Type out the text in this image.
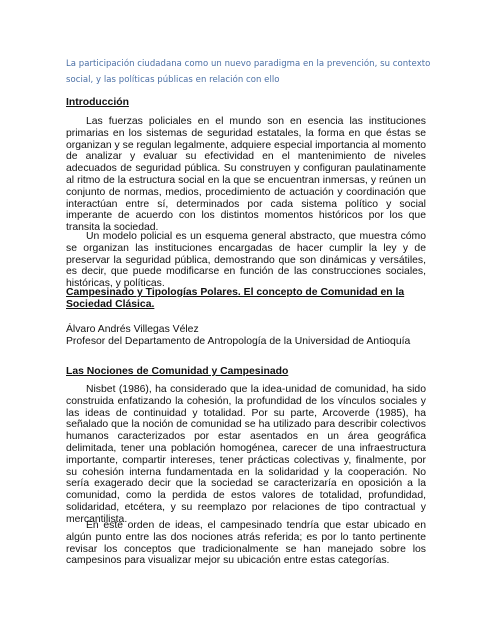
La participación ciudadana como un nuevo paradigma en la prevención, su contexto social, y las políticas públicas en relación con ello
Introducción

Las fuerzas policiales en el mundo son en esencia las instituciones primarias en los sistemas de seguridad estatales, la forma en que éstas se organizan y se regulan legalmente, adquiere especial importancia al momento de analizar y evaluar su efectividad en el mantenimiento de niveles adecuados de seguridad pública. Su construyen y configuran paulatinamente al ritmo de la estructura social en la que se encuentran inmersas, y reúnen un conjunto de normas, medios, procedimiento de actuación y coordinación que interactúan entre sí, determinados por cada sistema político y social imperante de acuerdo con los distintos momentos históricos por los que transita la sociedad.

Un modelo policial es un esquema general abstracto, que muestra cómo se organizan las instituciones encargadas de hacer cumplir la ley y de preservar la seguridad pública, demostrando que son dinámicas y versátiles, es decir, que puede modificarse en función de las construcciones sociales, históricas, y políticas.

Campesinado y Tipologías Polares. El concepto de Comunidad en la Sociedad Clásica.

Álvaro Andrés Villegas Vélez

Profesor del Departamento de Antropología de la Universidad de Antioquía

Las Nociones de Comunidad y Campesinado

Nisbet (1986), ha considerado que la idea-unidad de comunidad, ha sido construida enfatizando la cohesión, la profundidad de los vínculos sociales y las ideas de continuidad y totalidad. Por su parte, Arcoverde (1985), ha señalado que la noción de comunidad se ha utilizado para describir colectivos humanos caracterizados por estar asentados en un área geográfica delimitada, tener una población homogénea, carecer de una infraestructura importante, compartir intereses, tener prácticas colectivas y, finalmente, por su cohesión interna fundamentada en la solidaridad y la cooperación. No sería exagerado decir que la sociedad se caracterizaría en oposición a la comunidad, como la perdida de estos valores de totalidad, profundidad, solidaridad, etcétera, y su reemplazo por relaciones de tipo contractual y mercantilista.

En este orden de ideas, el campesinado tendría que estar ubicado en algún punto entre las dos nociones atrás referida; es por lo tanto pertinente revisar los conceptos que tradicionalmente se han manejado sobre los campesinos para visualizar mejor su ubicación entre estas categorías.
